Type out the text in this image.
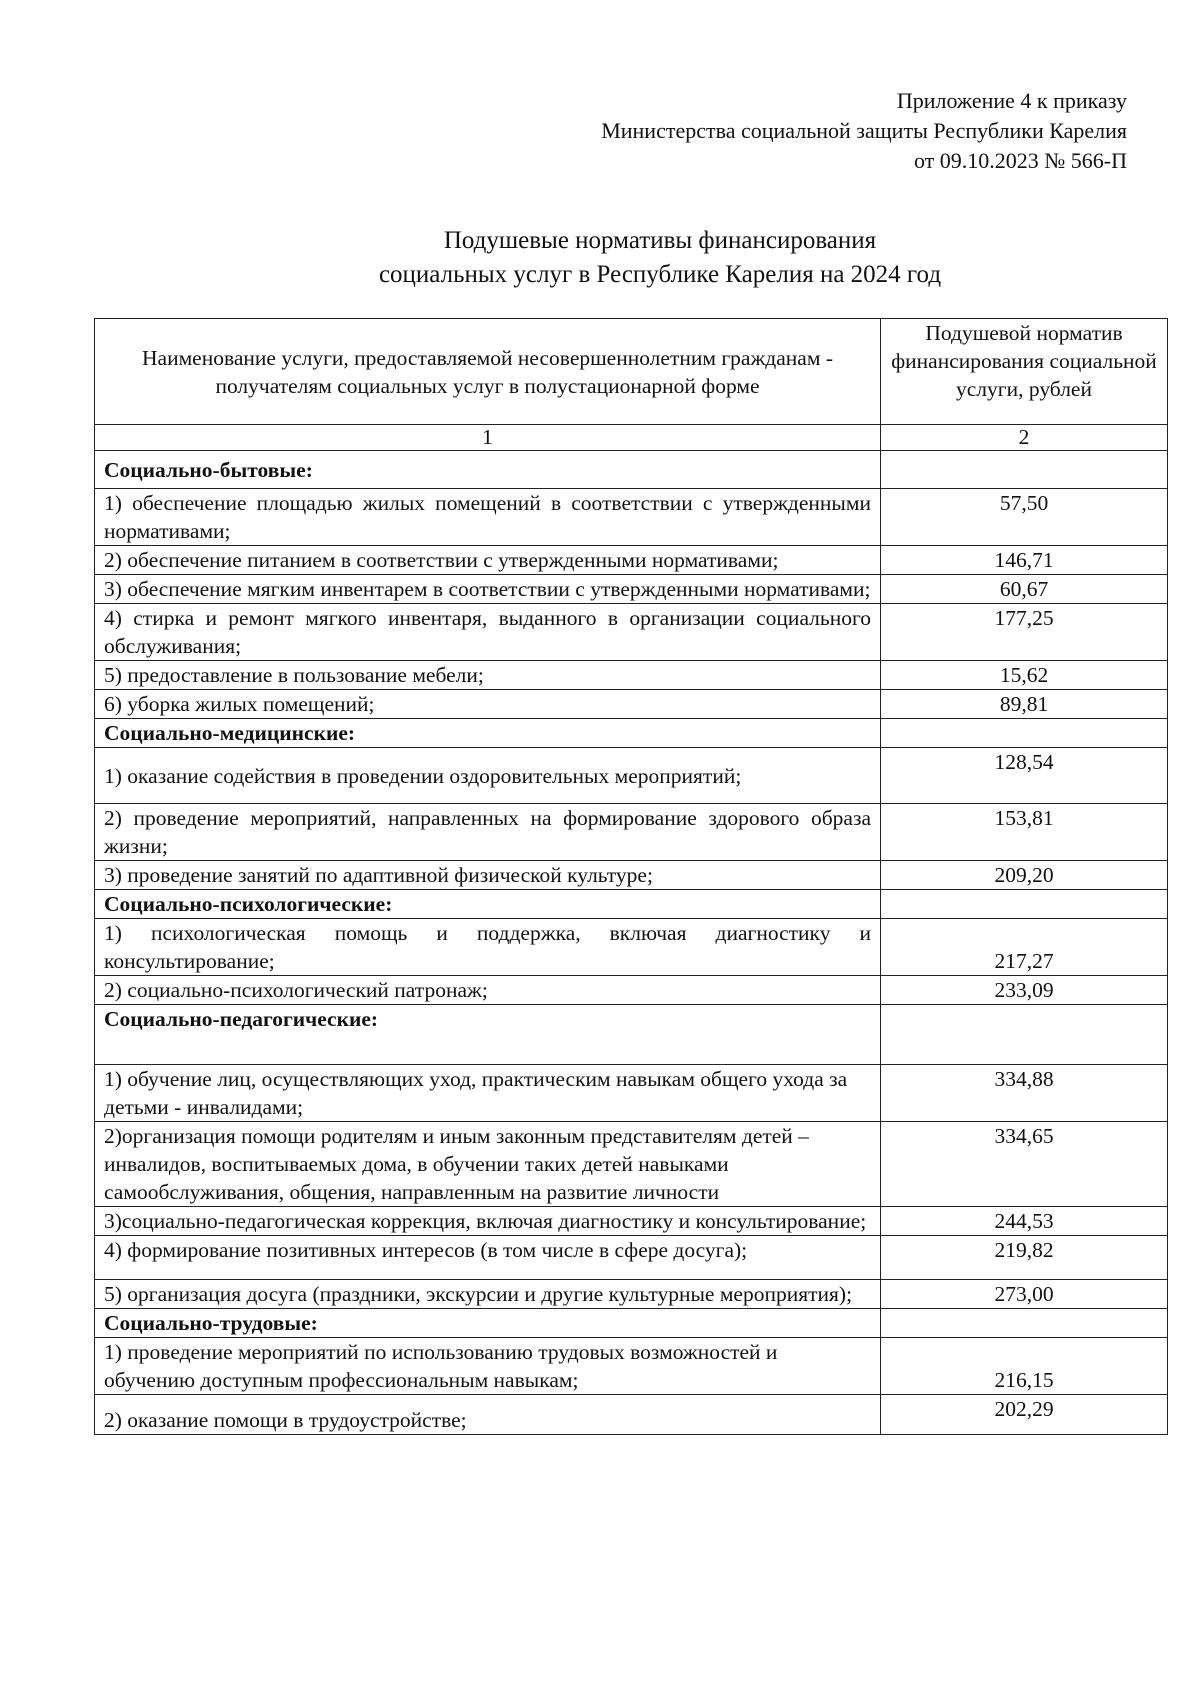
Приложение 4 к приказу
Министерства социальной защиты Республики Карелия
от 09.10.2023 № 566-П
Подушевые нормативы финансирования
социальных услуг в Республике Карелия на 2024 год
Наименование услуги, предоставляемой несовершеннолетним гражданам - получателям социальных услуг в полустационарной форме	Подушевой норматив финансирования социальной услуги, рублей
1	2
Социально-бытовые:	
1) обеспечение площадью жилых помещений в соответствии с утвержденными нормативами;	57,50
2) обеспечение питанием в соответствии с утвержденными нормативами;	146,71
3) обеспечение мягким инвентарем в соответствии с утвержденными нормативами;	60,67
4) стирка и ремонт мягкого инвентаря, выданного в организации социального обслуживания;	177,25
5) предоставление в пользование мебели;	15,62
6) уборка жилых помещений;	89,81
Социально-медицинские:	
1) оказание содействия в проведении оздоровительных мероприятий;	128,54
2) проведение мероприятий, направленных на формирование здорового образа жизни;	153,81
3) проведение занятий по адаптивной физической культуре;	209,20
Социально-психологические:	
1) психологическая помощь и поддержка, включая диагностику и консультирование;	217,27
2) социально-психологический патронаж;	233,09
Социально-педагогические:	
1) обучение лиц, осуществляющих уход, практическим навыкам общего ухода за детьми - инвалидами;	334,88
2)организация помощи родителям и иным законным представителям детей – инвалидов, воспитываемых дома, в обучении таких детей навыками самообслуживания, общения, направленным на развитие личности	334,65
3)социально-педагогическая коррекция, включая диагностику и консультирование;	244,53
4) формирование позитивных интересов (в том числе в сфере досуга);	219,82
5) организация досуга (праздники, экскурсии и другие культурные мероприятия);	273,00
Социально-трудовые:	
1) проведение мероприятий по использованию трудовых возможностей и обучению доступным профессиональным навыкам;	216,15
2) оказание помощи в трудоустройстве;	202,29
